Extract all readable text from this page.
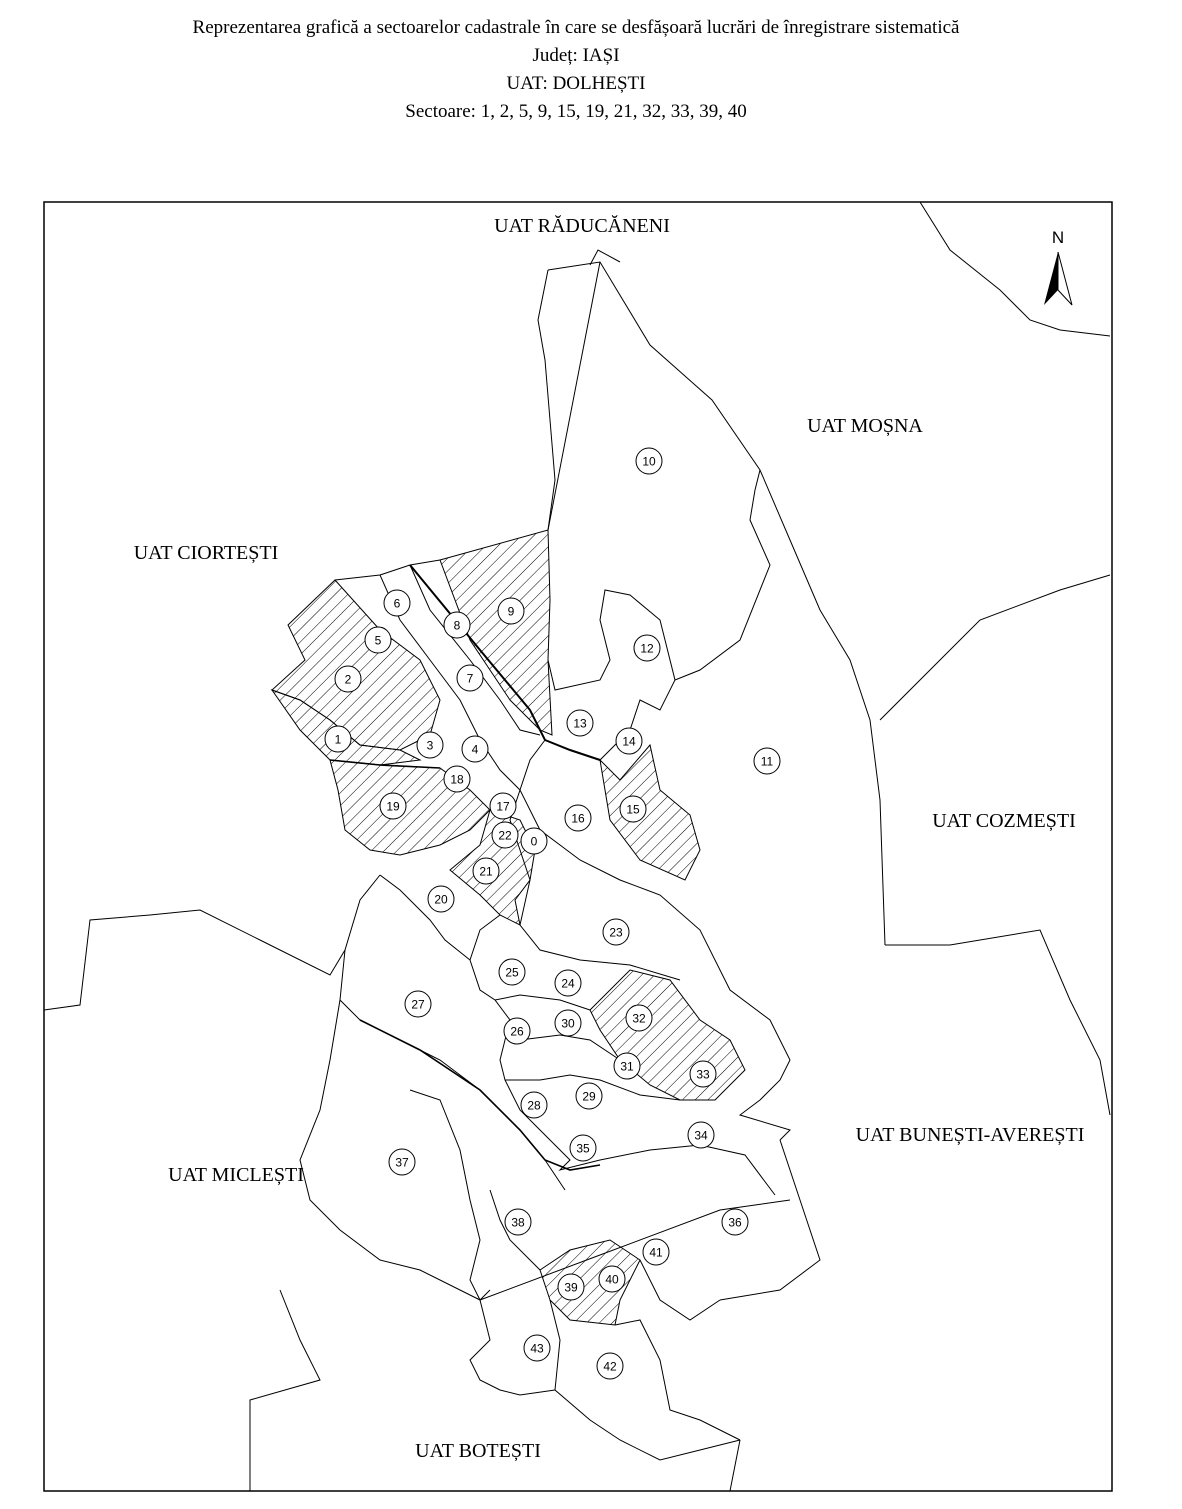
Reprezentarea grafică a sectoarelor cadastrale în care se desfășoară lucrări de înregistrare sistematică
Județ: IAȘI
UAT: DOLHEȘTI
Sectoare: 1, 2, 5, 9, 15, 19, 21, 32, 33, 39, 40
N
UAT RĂDUCĂNENI
UAT MOȘNA
UAT CIORTEȘTI
UAT COZMEȘTI
UAT BUNEȘTI-AVEREȘTI
UAT MICLEȘTI
UAT BOTEȘTI
0
1
2
3	4
5
6
7
8
9
10
11
12
13
14
15
16
17
18
19
20
21
22
23
24
25
26
27
28
29
30
31
32
33
34
35
36
37
38
39
40
41
42
43
